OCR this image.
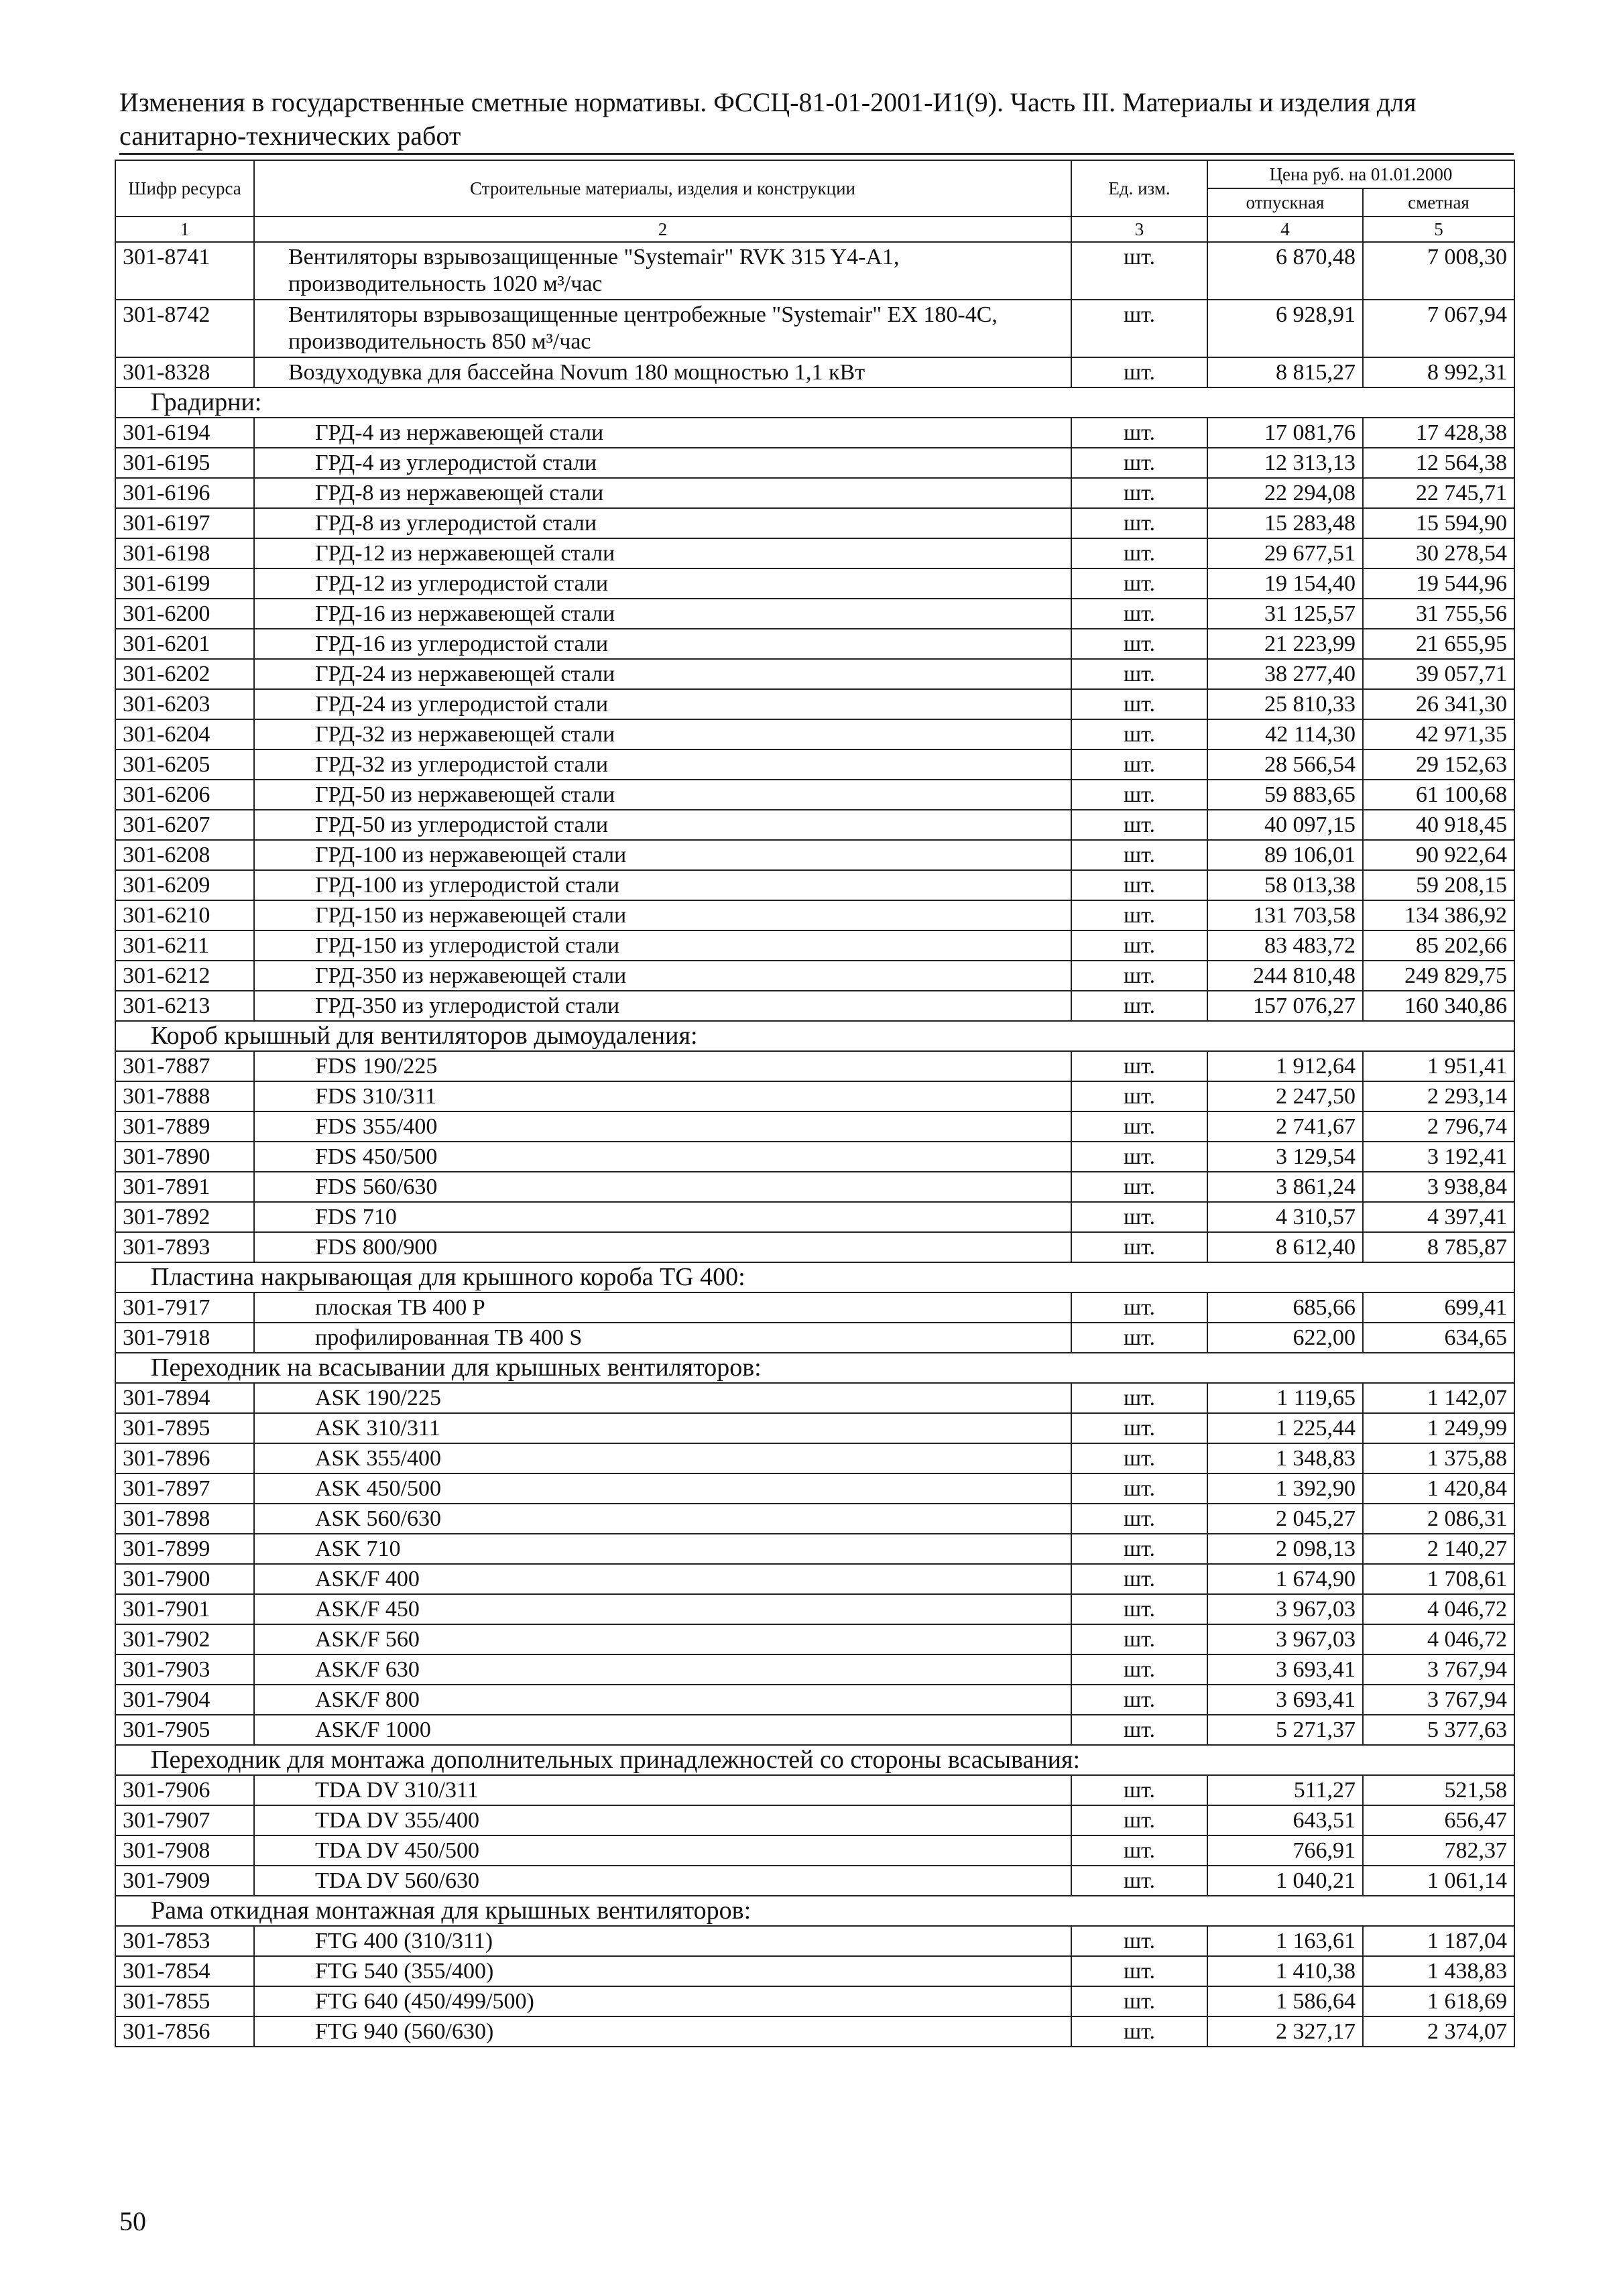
Изменения в государственные сметные нормативы. ФССЦ-81-01-2001-И1(9). Часть III. Материалы и изделия для
санитарно-технических работ
Шифр ресурса	Строительные материалы, изделия и конструкции	Ед. изм.	Цена руб. на 01.01.2000	
			отпускная	сметная
1	2	3	4	5
301-8741	Вентиляторы взрывозащищенные "Systemair" RVK 315 Y4-A1, производительность 1020 м³/час	шт.	6 870,48	7 008,30
301-8742	Вентиляторы взрывозащищенные центробежные "Systemair" EX 180-4C, производительность 850 м³/час	шт.	6 928,91	7 067,94
301-8328	Воздуходувка для бассейна Novum 180 мощностью 1,1 кВт	шт.	8 815,27	8 992,31
Градирни:				
301-6194	ГРД-4 из нержавеющей стали	шт.	17 081,76	17 428,38
301-6195	ГРД-4 из углеродистой стали	шт.	12 313,13	12 564,38
301-6196	ГРД-8 из нержавеющей стали	шт.	22 294,08	22 745,71
301-6197	ГРД-8 из углеродистой стали	шт.	15 283,48	15 594,90
301-6198	ГРД-12 из нержавеющей стали	шт.	29 677,51	30 278,54
301-6199	ГРД-12 из углеродистой стали	шт.	19 154,40	19 544,96
301-6200	ГРД-16 из нержавеющей стали	шт.	31 125,57	31 755,56
301-6201	ГРД-16 из углеродистой стали	шт.	21 223,99	21 655,95
301-6202	ГРД-24 из нержавеющей стали	шт.	38 277,40	39 057,71
301-6203	ГРД-24 из углеродистой стали	шт.	25 810,33	26 341,30
301-6204	ГРД-32 из нержавеющей стали	шт.	42 114,30	42 971,35
301-6205	ГРД-32 из углеродистой стали	шт.	28 566,54	29 152,63
301-6206	ГРД-50 из нержавеющей стали	шт.	59 883,65	61 100,68
301-6207	ГРД-50 из углеродистой стали	шт.	40 097,15	40 918,45
301-6208	ГРД-100 из нержавеющей стали	шт.	89 106,01	90 922,64
301-6209	ГРД-100 из углеродистой стали	шт.	58 013,38	59 208,15
301-6210	ГРД-150 из нержавеющей стали	шт.	131 703,58	134 386,92
301-6211	ГРД-150 из углеродистой стали	шт.	83 483,72	85 202,66
301-6212	ГРД-350 из нержавеющей стали	шт.	244 810,48	249 829,75
301-6213	ГРД-350 из углеродистой стали	шт.	157 076,27	160 340,86
Короб крышный для вентиляторов дымоудаления:				
301-7887	FDS 190/225	шт.	1 912,64	1 951,41
301-7888	FDS 310/311	шт.	2 247,50	2 293,14
301-7889	FDS 355/400	шт.	2 741,67	2 796,74
301-7890	FDS 450/500	шт.	3 129,54	3 192,41
301-7891	FDS 560/630	шт.	3 861,24	3 938,84
301-7892	FDS 710	шт.	4 310,57	4 397,41
301-7893	FDS 800/900	шт.	8 612,40	8 785,87
Пластина накрывающая для крышного короба TG 400:				
301-7917	плоская TB 400 P	шт.	685,66	699,41
301-7918	профилированная TB 400 S	шт.	622,00	634,65
Переходник на всасывании для крышных вентиляторов:				
301-7894	ASK 190/225	шт.	1 119,65	1 142,07
301-7895	ASK 310/311	шт.	1 225,44	1 249,99
301-7896	ASK 355/400	шт.	1 348,83	1 375,88
301-7897	ASK 450/500	шт.	1 392,90	1 420,84
301-7898	ASK 560/630	шт.	2 045,27	2 086,31
301-7899	ASK 710	шт.	2 098,13	2 140,27
301-7900	ASK/F 400	шт.	1 674,90	1 708,61
301-7901	ASK/F 450	шт.	3 967,03	4 046,72
301-7902	ASK/F 560	шт.	3 967,03	4 046,72
301-7903	ASK/F 630	шт.	3 693,41	3 767,94
301-7904	ASK/F 800	шт.	3 693,41	3 767,94
301-7905	ASK/F 1000	шт.	5 271,37	5 377,63
Переходник для монтажа дополнительных принадлежностей со стороны всасывания:				
301-7906	TDA DV 310/311	шт.	511,27	521,58
301-7907	TDA DV 355/400	шт.	643,51	656,47
301-7908	TDA DV 450/500	шт.	766,91	782,37
301-7909	TDA DV 560/630	шт.	1 040,21	1 061,14
Рама откидная монтажная для крышных вентиляторов:				
301-7853	FTG 400 (310/311)	шт.	1 163,61	1 187,04
301-7854	FTG 540 (355/400)	шт.	1 410,38	1 438,83
301-7855	FTG 640 (450/499/500)	шт.	1 586,64	1 618,69
301-7856	FTG 940 (560/630)	шт.	2 327,17	2 374,07
50
